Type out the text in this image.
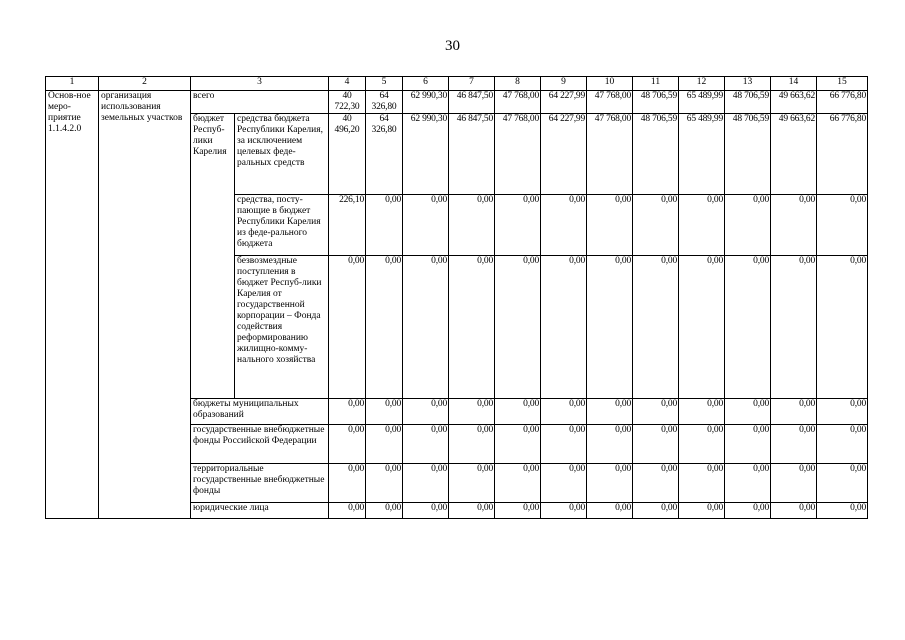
30
1	2	3		4	5	6	7	8	9	10	11	12	13	14	15
Основ-ное меро-приятие 1.1.4.2.0	организация использования земельных участков	всего		40 722,30	64 326,80	62 990,30	46 847,50	47 768,00	64 227,99	47 768,00	48 706,59	65 489,99	48 706,59	49 663,62	66 776,80
		бюджет Респуб-лики Карелия	средства бюджета Республики Карелия, за исключением целевых феде-ральных средств	40 496,20	64 326,80	62 990,30	46 847,50	47 768,00	64 227,99	47 768,00	48 706,59	65 489,99	48 706,59	49 663,62	66 776,80
			средства, посту-пающие в бюджет Республики Карелия из феде-рального бюджета	226,10	0,00	0,00	0,00	0,00	0,00	0,00	0,00	0,00	0,00	0,00	0,00
			безвозмездные поступления в бюджет Респуб-лики Карелия от государственной корпорации – Фонда содействия реформированию жилищно-комму-нального хозяйства	0,00	0,00	0,00	0,00	0,00	0,00	0,00	0,00	0,00	0,00	0,00	0,00
		бюджеты муниципальных образований		0,00	0,00	0,00	0,00	0,00	0,00	0,00	0,00	0,00	0,00	0,00	0,00
		государственные внебюджетные фонды Российской Федерации		0,00	0,00	0,00	0,00	0,00	0,00	0,00	0,00	0,00	0,00	0,00	0,00
		территориальные государственные внебюджетные фонды		0,00	0,00	0,00	0,00	0,00	0,00	0,00	0,00	0,00	0,00	0,00	0,00
		юридические лица		0,00	0,00	0,00	0,00	0,00	0,00	0,00	0,00	0,00	0,00	0,00	0,00
